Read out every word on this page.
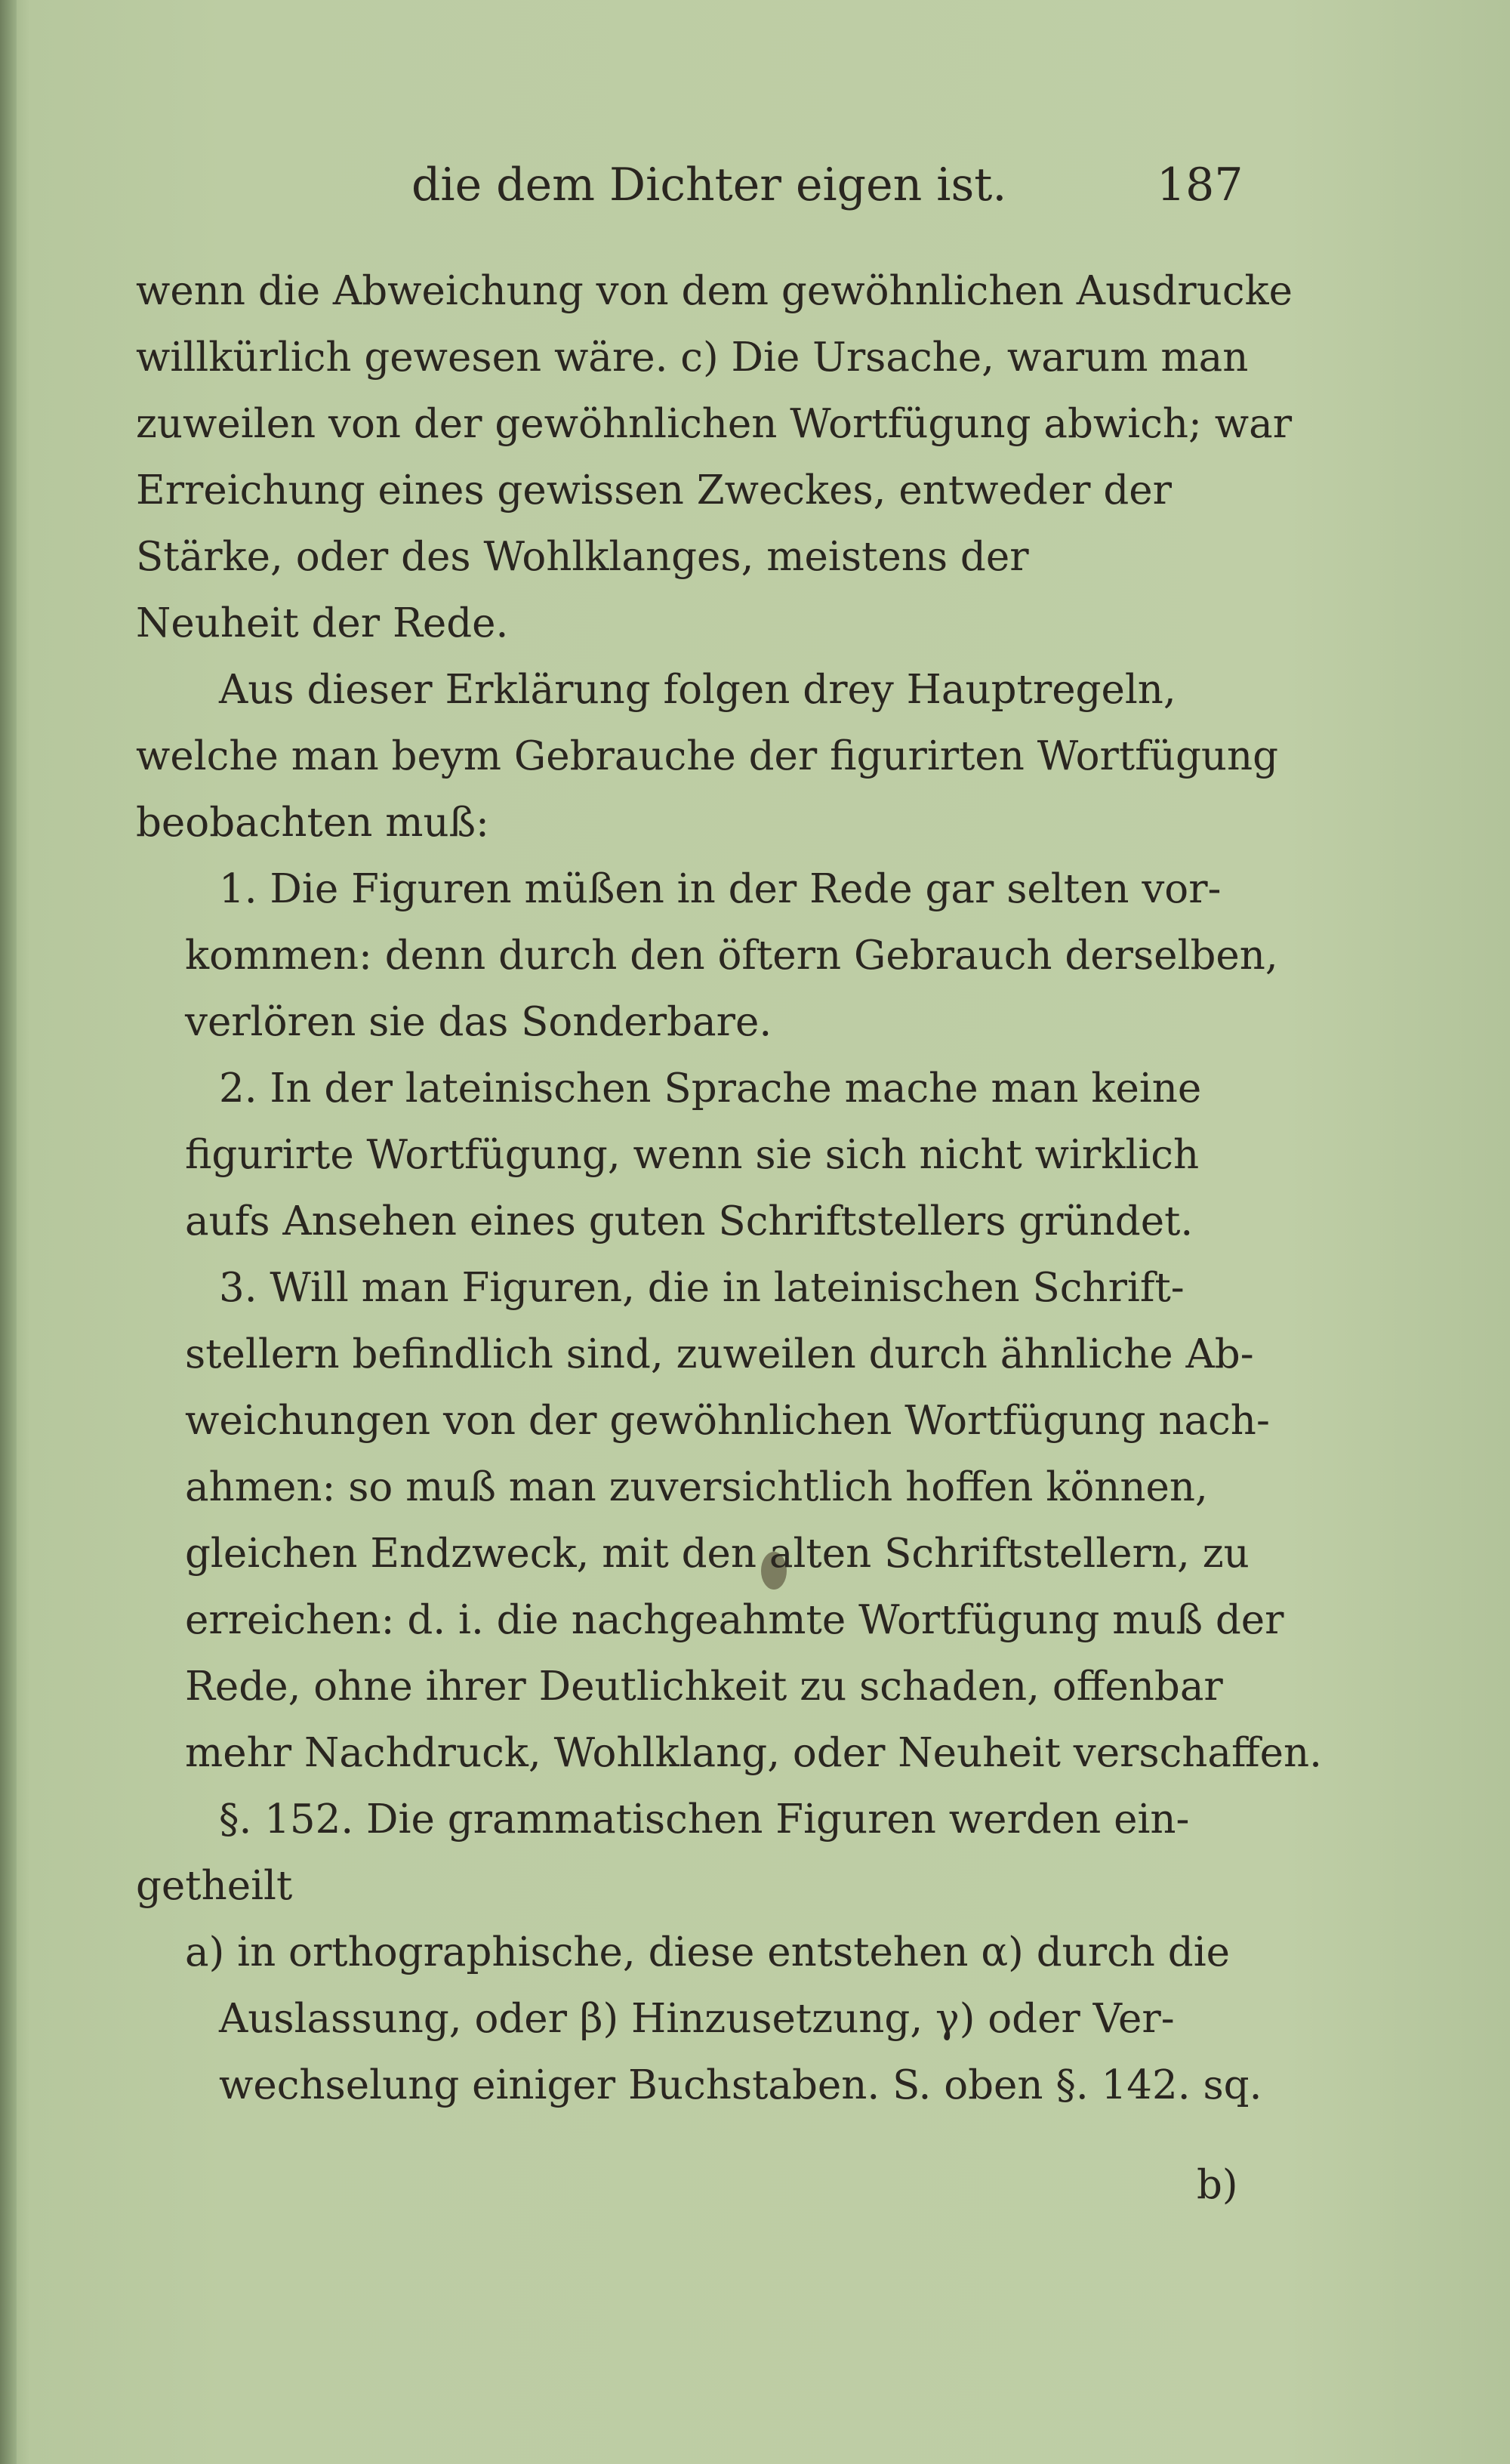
die dem Dichter eigen ist.	187
wenn die Abweichung von dem gewöhnlichen Ausdrucke
willkürlich gewesen wäre. c) Die Ursache, warum man
zuweilen von der gewöhnlichen Wortfügung abwich; war
Erreichung eines gewissen Zweckes, entweder der
Stärke, oder des Wohlklanges, meistens der
Neuheit der Rede.
Aus dieser Erklärung folgen drey Hauptregeln,
welche man beym Gebrauche der figurirten Wortfügung
beobachten muß:
1. Die Figuren müßen in der Rede gar selten vor-
kommen: denn durch den öftern Gebrauch derselben,
verlören sie das Sonderbare.
2. In der lateinischen Sprache mache man keine
figurirte Wortfügung, wenn sie sich nicht wirklich
aufs Ansehen eines guten Schriftstellers gründet.
3. Will man Figuren, die in lateinischen Schrift-
stellern befindlich sind, zuweilen durch ähnliche Ab-
weichungen von der gewöhnlichen Wortfügung nach-
ahmen: so muß man zuversichtlich hoffen können,
gleichen Endzweck, mit den alten Schriftstellern, zu
erreichen: d. i. die nachgeahmte Wortfügung muß der
Rede, ohne ihrer Deutlichkeit zu schaden, offenbar
mehr Nachdruck, Wohlklang, oder Neuheit verschaffen.
§. 152. Die grammatischen Figuren werden ein-
getheilt
a) in orthographische, diese entstehen α) durch die
Auslassung, oder β) Hinzusetzung, γ) oder Ver-
wechselung einiger Buchstaben. S. oben §. 142. sq.
b)
